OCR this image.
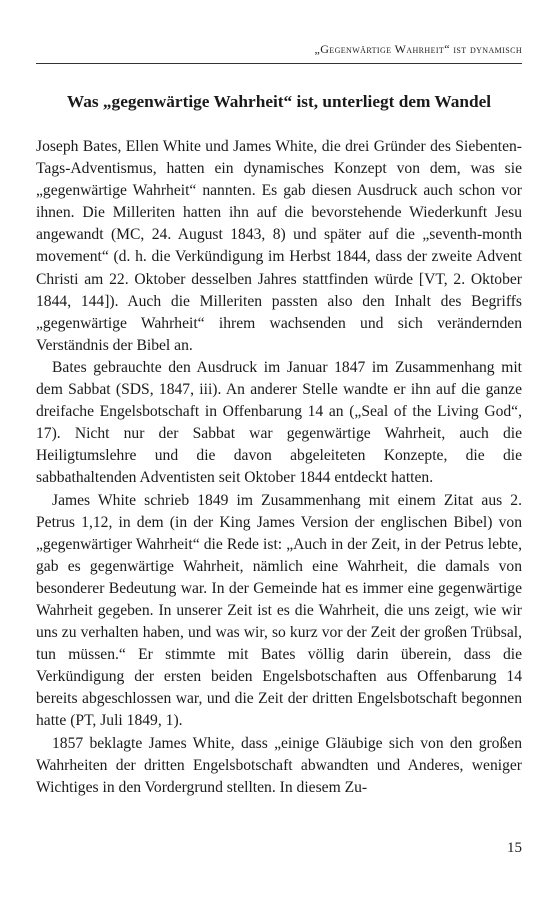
„Gegenwärtige Wahrheit“ ist dynamisch
Was „gegenwärtige Wahrheit“ ist, unterliegt dem Wandel

Joseph Bates, Ellen White und James White, die drei Gründer des Siebenten-Tags-Adventismus, hatten ein dynamisches Konzept von dem, was sie „gegenwärtige Wahrheit“ nannten. Es gab diesen Ausdruck auch schon vor ihnen. Die Milleriten hatten ihn auf die bevorstehende Wiederkunft Jesu angewandt (MC, 24. August 1843, 8) und später auf die „seventh-month movement“ (d. h. die Verkündigung im Herbst 1844, dass der zweite Advent Christi am 22. Oktober desselben Jahres stattfinden würde [VT, 2. Oktober 1844, 144]). Auch die Milleriten passten also den Inhalt des Begriffs „gegenwärtige Wahrheit“ ihrem wachsenden und sich verändernden Verständnis der Bibel an.

Bates gebrauchte den Ausdruck im Januar 1847 im Zusammenhang mit dem Sabbat (SDS, 1847, iii). An anderer Stelle wandte er ihn auf die ganze dreifache Engelsbotschaft in Offenbarung 14 an („Seal of the Living God“, 17). Nicht nur der Sabbat war gegenwärtige Wahrheit, auch die Heiligtumslehre und die davon abgeleiteten Konzepte, die die sabbathaltenden Adventisten seit Oktober 1844 entdeckt hatten.

James White schrieb 1849 im Zusammenhang mit einem Zitat aus 2. Petrus 1,12, in dem (in der King James Version der englischen Bibel) von „gegenwärtiger Wahrheit“ die Rede ist: „Auch in der Zeit, in der Petrus lebte, gab es gegenwärtige Wahrheit, nämlich eine Wahrheit, die damals von besonderer Bedeutung war. In der Gemeinde hat es immer eine gegenwärtige Wahrheit gegeben. In unserer Zeit ist es die Wahrheit, die uns zeigt, wie wir uns zu verhalten haben, und was wir, so kurz vor der Zeit der großen Trübsal, tun müssen.“ Er stimmte mit Bates völlig darin überein, dass die Verkündigung der ersten beiden Engelsbotschaften aus Offenbarung 14 bereits abgeschlossen war, und die Zeit der dritten Engelsbotschaft begonnen hatte (PT, Juli 1849, 1).

1857 beklagte James White, dass „einige Gläubige sich von den großen Wahrheiten der dritten Engelsbotschaft abwandten und Anderes, weniger Wichtiges in den Vordergrund stellten. In diesem Zu-

15
